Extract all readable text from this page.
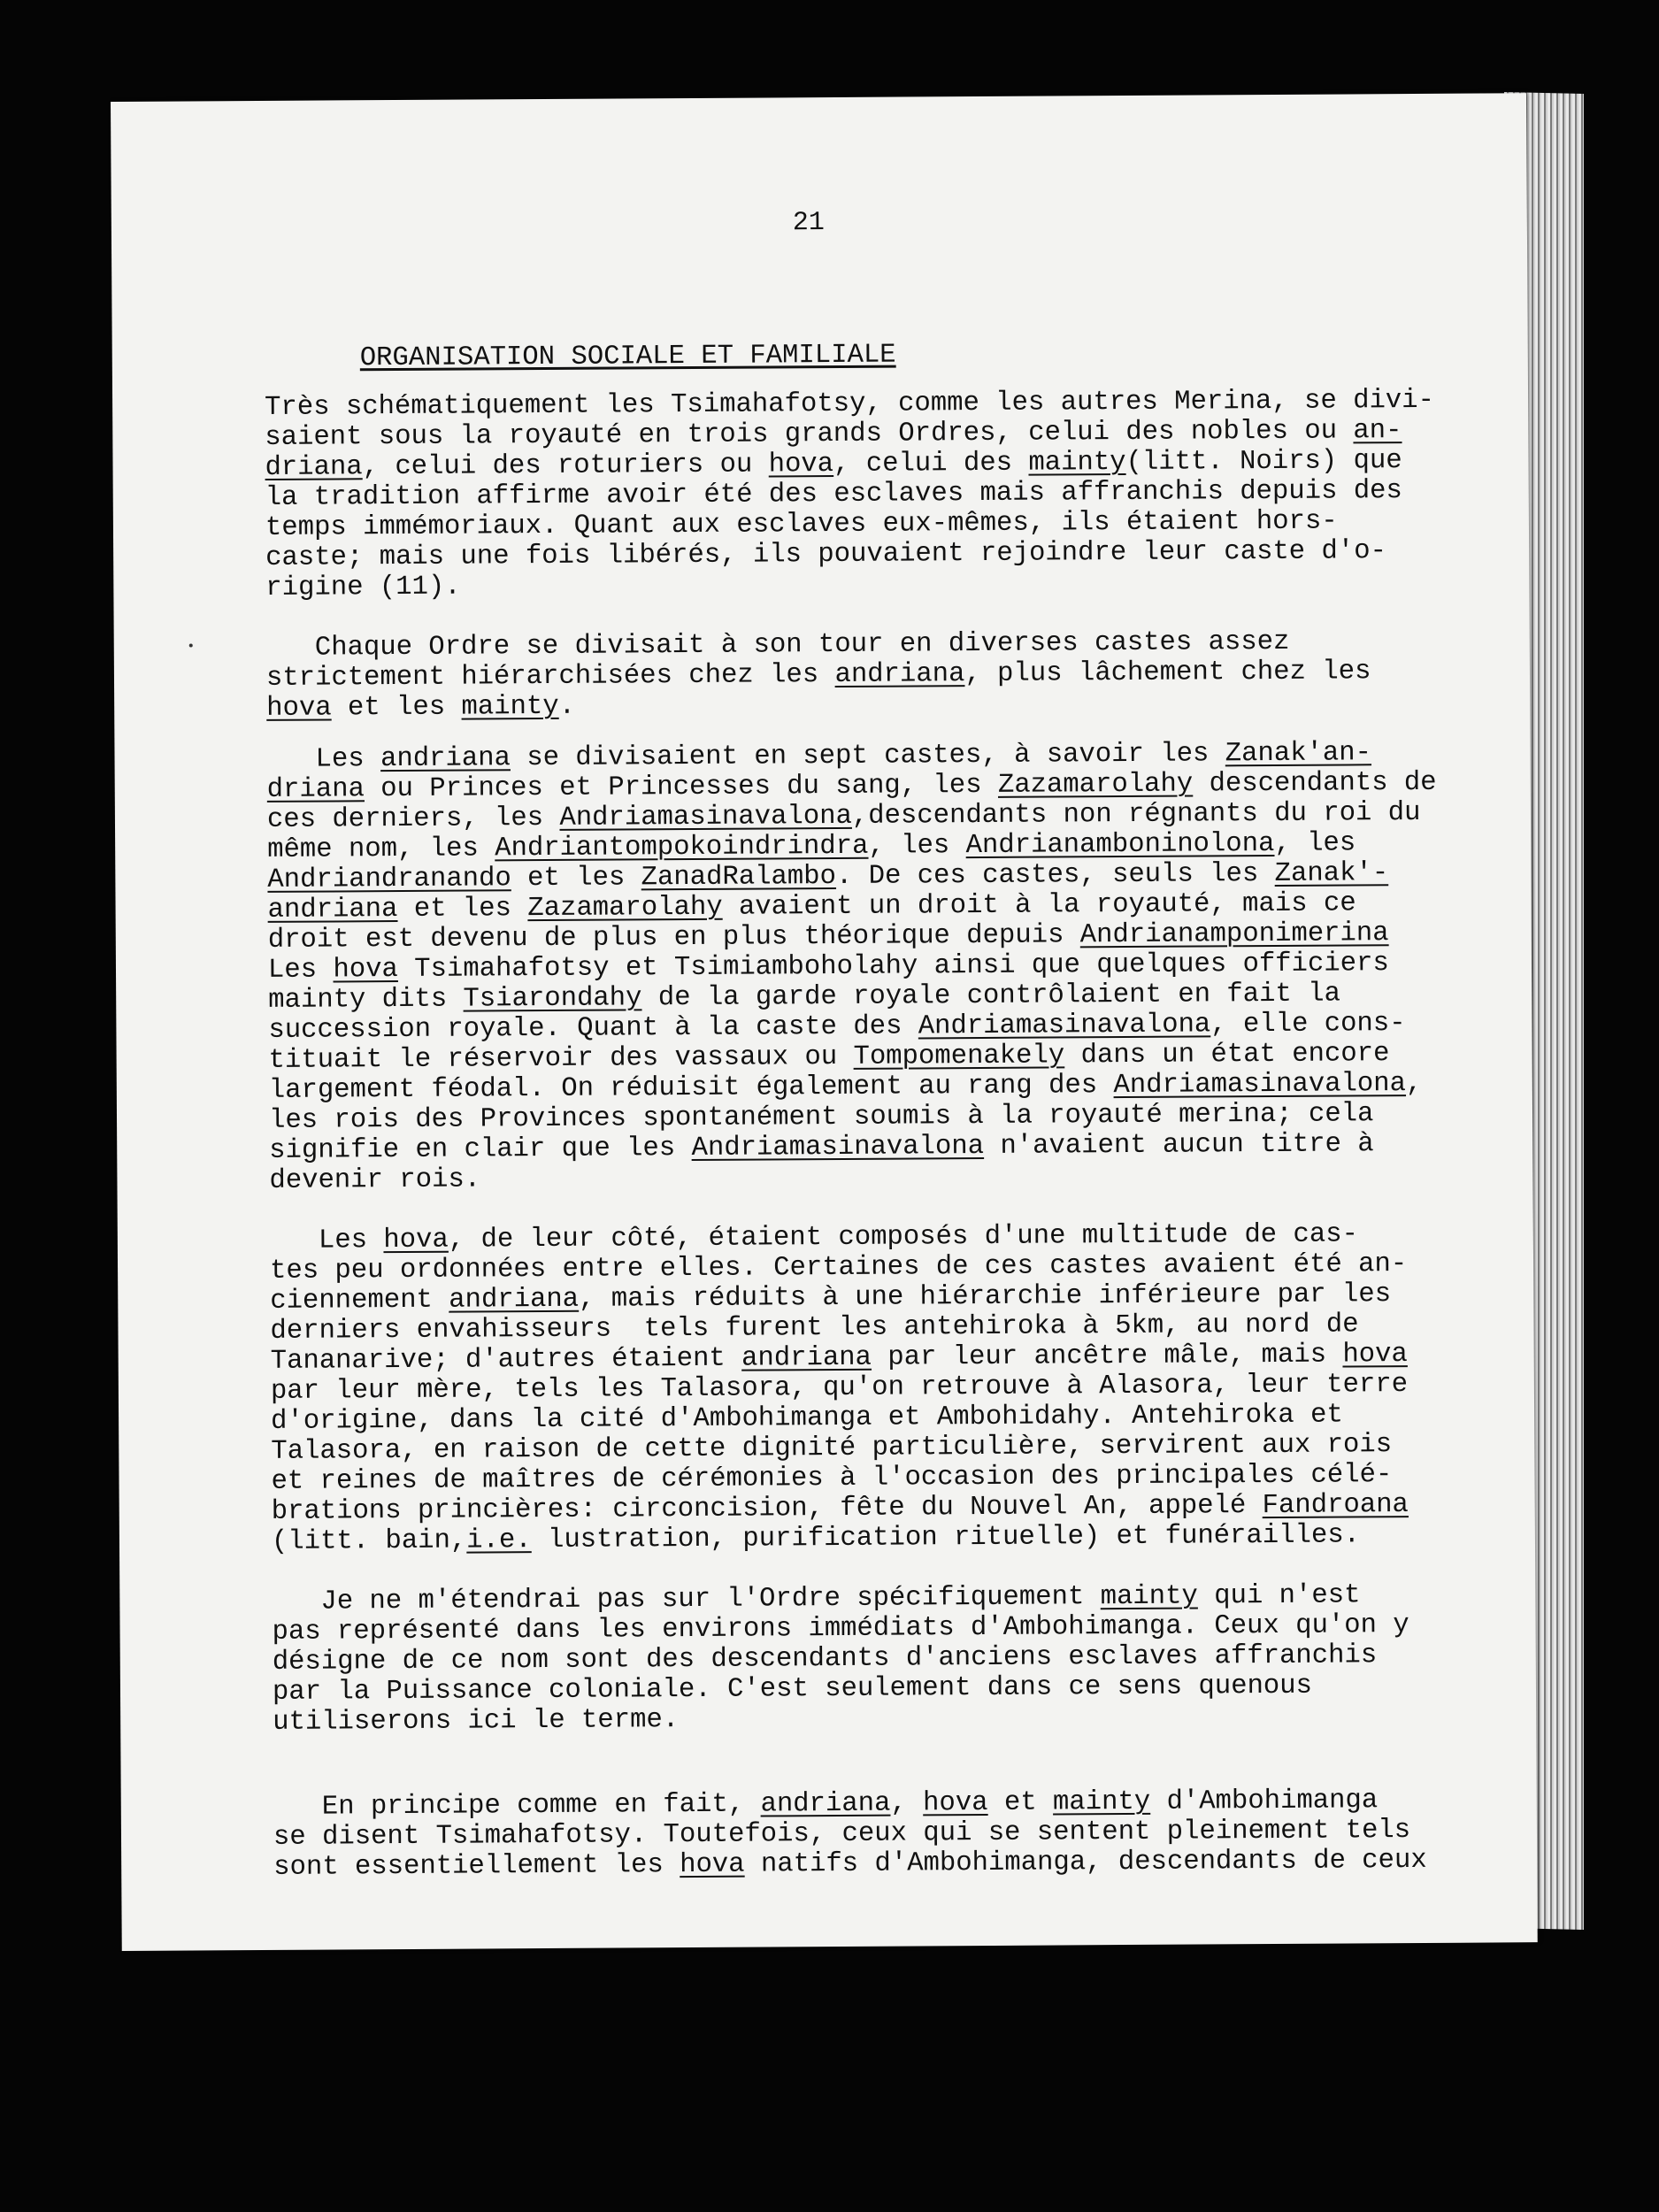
21
ORGANISATION SOCIALE ET FAMILIALE
Très schématiquement les Tsimahafotsy, comme les autres Merina, se divi-
saient sous la royauté en trois grands Ordres, celui des nobles ou an-
driana, celui des roturiers ou hova, celui des mainty(litt. Noirs) que
la tradition affirme avoir été des esclaves mais affranchis depuis des
temps immémoriaux. Quant aux esclaves eux-mêmes, ils étaient hors-
caste; mais une fois libérés, ils pouvaient rejoindre leur caste d'o-
rigine (11).
Chaque Ordre se divisait à son tour en diverses castes assez
strictement hiérarchisées chez les andriana, plus lâchement chez les
hova et les mainty.
Les andriana se divisaient en sept castes, à savoir les Zanak'an-
driana ou Princes et Princesses du sang, les Zazamarolahy descendants de
ces derniers, les Andriamasinavalona,descendants non régnants du roi du
même nom, les Andriantompokoindrindra, les Andrianamboninolona, les
Andriandranando et les ZanadRalambo. De ces castes, seuls les Zanak'-
andriana et les Zazamarolahy avaient un droit à la royauté, mais ce
droit est devenu de plus en plus théorique depuis Andrianamponimerina
Les hova Tsimahafotsy et Tsimiamboholahy ainsi que quelques officiers
mainty dits Tsiarondahy de la garde royale contrôlaient en fait la
succession royale. Quant à la caste des Andriamasinavalona, elle cons-
tituait le réservoir des vassaux ou Tompomenakely dans un état encore
largement féodal. On réduisit également au rang des Andriamasinavalona,
les rois des Provinces spontanément soumis à la royauté merina; cela
signifie en clair que les Andriamasinavalona n'avaient aucun titre à
devenir rois.
Les hova, de leur côté, étaient composés d'une multitude de cas-
tes peu ordonnées entre elles. Certaines de ces castes avaient été an-
ciennement andriana, mais réduits à une hiérarchie inférieure par les
derniers envahisseurs  tels furent les antehiroka à 5km, au nord de
Tananarive; d'autres étaient andriana par leur ancêtre mâle, mais hova
par leur mère, tels les Talasora, qu'on retrouve à Alasora, leur terre
d'origine, dans la cité d'Ambohimanga et Ambohidahy. Antehiroka et
Talasora, en raison de cette dignité particulière, servirent aux rois
et reines de maîtres de cérémonies à l'occasion des principales célé-
brations princières: circoncision, fête du Nouvel An, appelé Fandroana
(litt. bain,i.e. lustration, purification rituelle) et funérailles.
Je ne m'étendrai pas sur l'Ordre spécifiquement mainty qui n'est
pas représenté dans les environs immédiats d'Ambohimanga. Ceux qu'on y
désigne de ce nom sont des descendants d'anciens esclaves affranchis
par la Puissance coloniale. C'est seulement dans ce sens quenous
utiliserons ici le terme.
En principe comme en fait, andriana, hova et mainty d'Ambohimanga
se disent Tsimahafotsy. Toutefois, ceux qui se sentent pleinement tels
sont essentiellement les hova natifs d'Ambohimanga, descendants de ceux
